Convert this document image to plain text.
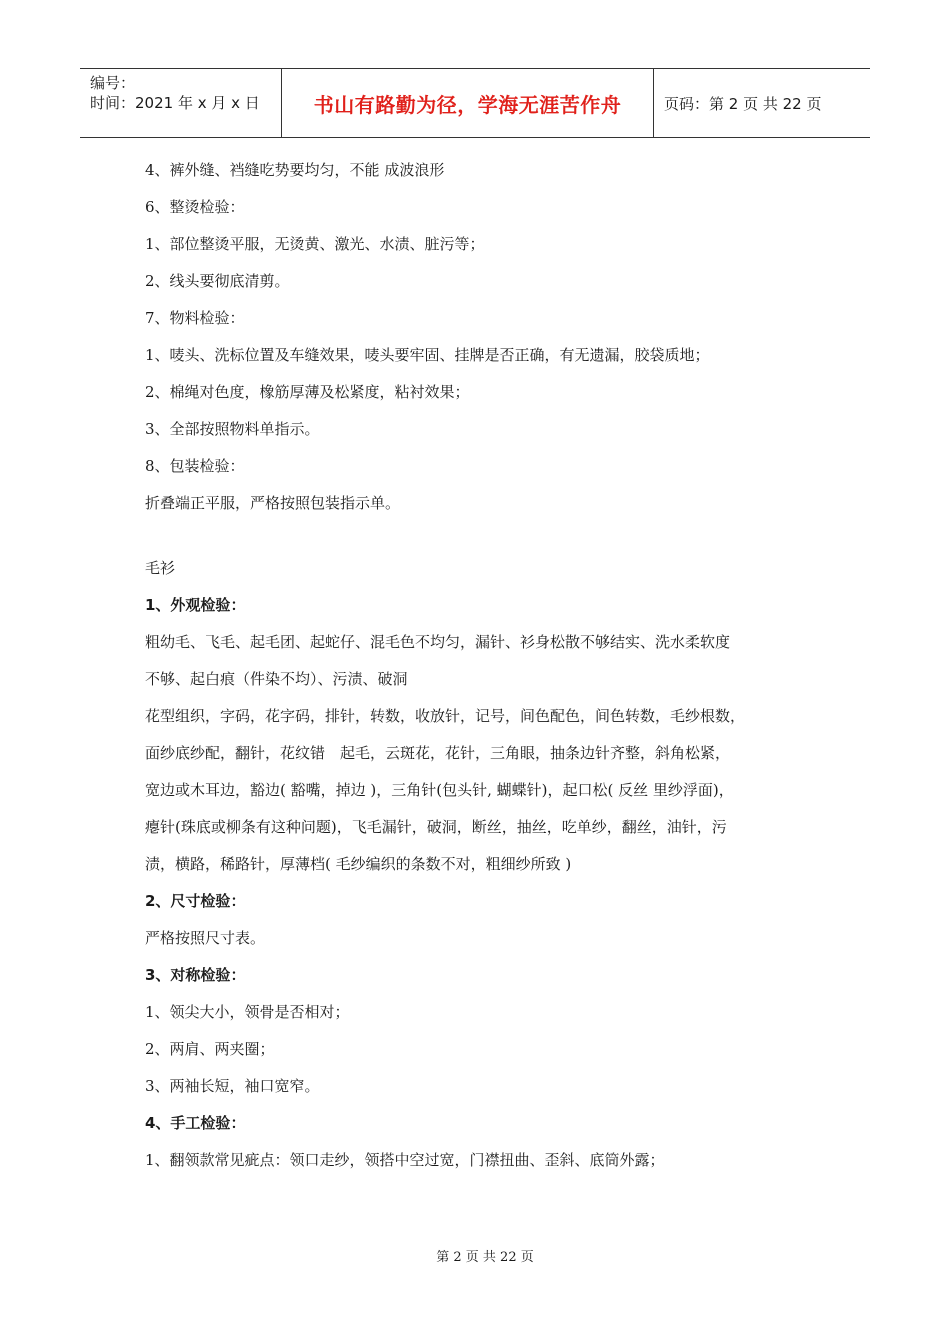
编号：
时间：2021 年 x 月 x 日	书山有路勤为径，学海无涯苦作舟	页码：第 2 页 共 22 页
4、裤外缝、裆缝吃势要均匀，不能 成波浪形
6、整烫检验：
1、部位整烫平服，无烫黄、激光、水渍、脏污等；
2、线头要彻底清剪。
7、物料检验：
1、唛头、洗标位置及车缝效果，唛头要牢固、挂牌是否正确，有无遗漏，胶袋质地；
2、棉绳对色度，橡筋厚薄及松紧度，粘衬效果；
3、全部按照物料单指示。
8、包装检验：
折叠端正平服，严格按照包装指示单。
毛衫
1、外观检验：
粗幼毛、飞毛、起毛团、起蛇仔、混毛色不均匀，漏针、衫身松散不够结实、洗水柔软度
不够、起白痕（件染不均）、污渍、破洞
花型组织，字码，花字码，排针，转数，收放针，记号，间色配色，间色转数，毛纱根数，
面纱底纱配，翻针，花纹错　起毛，云斑花，花针，三角眼，抽条边针齐整，斜角松紧，
宽边或木耳边，豁边( 豁嘴，掉边 )，三角针(包头针, 蝴蝶针)，起口松( 反丝 里纱浮面)，
瘪针(珠底或柳条有这种问题)，飞毛漏针，破洞，断丝，抽丝，吃单纱，翻丝，油针，污
渍，横路，稀路针，厚薄档( 毛纱编织的条数不对，粗细纱所致 )
2、尺寸检验：
严格按照尺寸表。
3、对称检验：
1、领尖大小，领骨是否相对；
2、两肩、两夹圈；
3、两袖长短，袖口宽窄。
4、手工检验：
1、翻领款常见疵点：领口走纱，领搭中空过宽，门襟扭曲、歪斜、底筒外露；
第 2 页 共 22 页
